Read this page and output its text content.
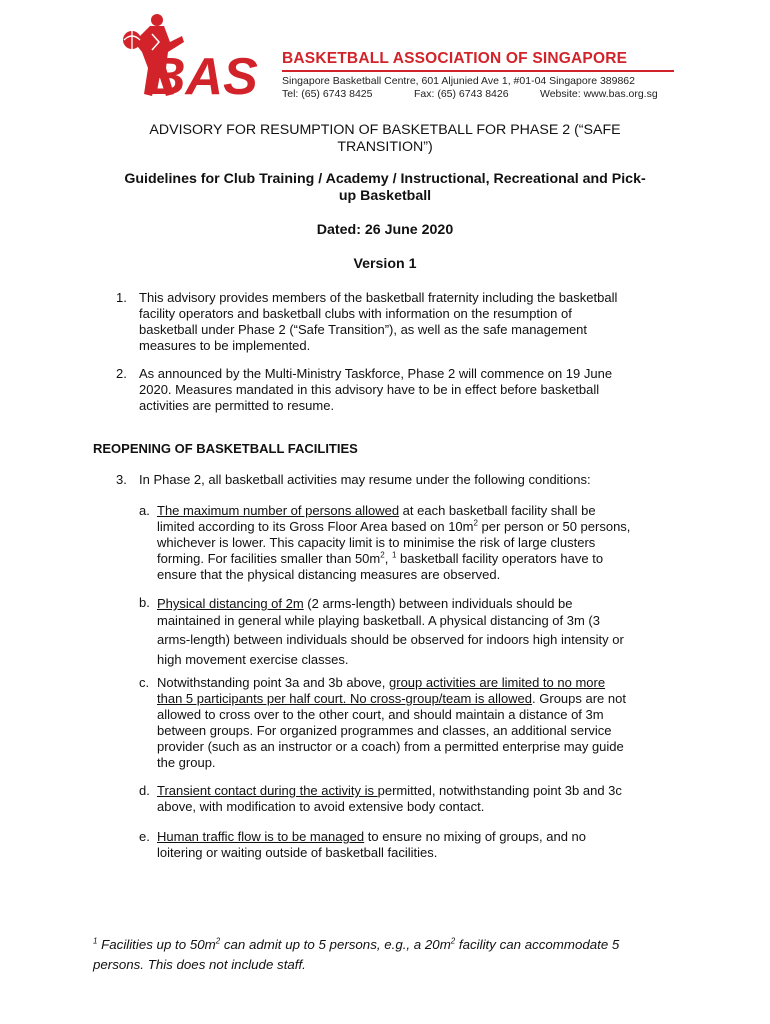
BAS BASKETBALL ASSOCIATION OF SINGAPORE
Singapore Basketball Centre, 601 Aljunied Ave 1, #01-04 Singapore 389862
Tel: (65) 6743 8425	Fax: (65) 6743 8426	Website: www.bas.org.sg
ADVISORY FOR RESUMPTION OF BASKETBALL FOR PHASE 2 (“SAFE
TRANSITION”)
Guidelines for Club Training / Academy / Instructional, Recreational and Pick-
up Basketball
Dated: 26 June 2020
Version 1
1. This advisory provides members of the basketball fraternity including the basketball
facility operators and basketball clubs with information on the resumption of
basketball under Phase 2 (“Safe Transition”), as well as the safe management
measures to be implemented.
2. As announced by the Multi-Ministry Taskforce, Phase 2 will commence on 19 June
2020. Measures mandated in this advisory have to be in effect before basketball
activities are permitted to resume.
REOPENING OF BASKETBALL FACILITIES
3. In Phase 2, all basketball activities may resume under the following conditions:
a. The maximum number of persons allowed at each basketball facility shall be
limited according to its Gross Floor Area based on $10m^2$ per person or 50 persons,
whichever is lower. This capacity limit is to minimise the risk of large clusters
forming. For facilities smaller than $50m^2$, $^1$ basketball facility operators have to
ensure that the physical distancing measures are observed.
b. Physical distancing of 2m (2 arms-length) between individuals should be
maintained in general while playing basketball. A physical distancing of 3m (3
arms-length) between individuals should be observed for indoors high intensity or
high movement exercise classes.
c. Notwithstanding point 3a and 3b above, group activities are limited to no more
than 5 participants per half court. No cross-group/team is allowed. Groups are not
allowed to cross over to the other court, and should maintain a distance of 3m
between groups. For organized programmes and classes, an additional service
provider (such as an instructor or a coach) from a permitted enterprise may guide
the group.
d. Transient contact during the activity is permitted, notwithstanding point 3b and 3c
above, with modification to avoid extensive body contact.
e. Human traffic flow is to be managed to ensure no mixing of groups, and no
loitering or waiting outside of basketball facilities.
$^1$ Facilities up to $50m^2$ can admit up to 5 persons, e.g., a $20m^2$ facility can accommodate 5
persons. This does not include staff.
